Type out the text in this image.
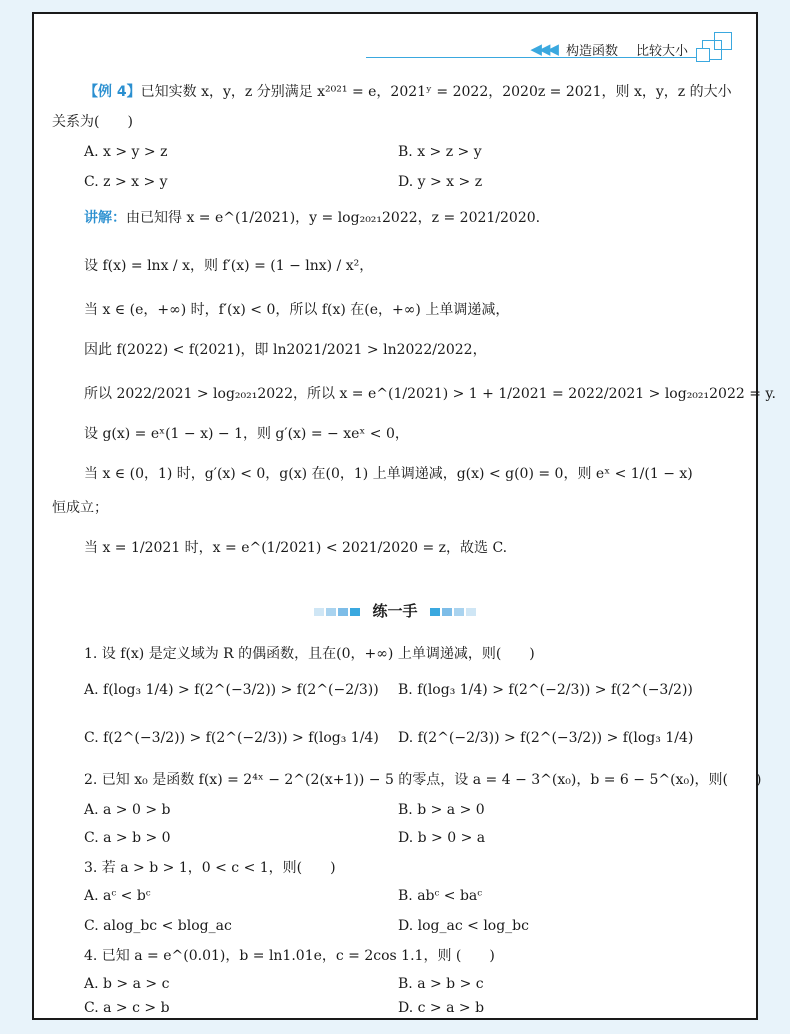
◀◀◀ 构造函数 比较大小
【例 4】已知实数 x，y，z 分别满足 x²⁰²¹ = e，2021ʸ = 2022，2020z = 2021，则 x，y，z 的大小
关系为(　　)
A. x > y > z	B. x > z > y
C. z > x > y	D. y > x > z
讲解：由已知得 x = e^(1/2021)，y = log₂₀₂₁2022，z = 2021/2020.
设 f(x) = lnx / x，则 f′(x) = (1 − lnx) / x²，
当 x ∈ (e，+∞) 时，f′(x) < 0，所以 f(x) 在(e，+∞) 上单调递减，
因此 f(2022) < f(2021)，即 ln2021/2021 > ln2022/2022，
所以 2022/2021 > log₂₀₂₁2022，所以 x = e^(1/2021) > 1 + 1/2021 = 2022/2021 > log₂₀₂₁2022 = y.
设 g(x) = eˣ(1 − x) − 1，则 g′(x) = − xeˣ < 0，
当 x ∈ (0，1) 时，g′(x) < 0，g(x) 在(0，1) 上单调递减，g(x) < g(0) = 0，则 eˣ < 1/(1 − x)
恒成立；
当 x = 1/2021 时，x = e^(1/2021) < 2021/2020 = z，故选 C.
练一手
1. 设 f(x) 是定义域为 R 的偶函数，且在(0，+∞) 上单调递减，则(　　)
A. f(log₃ 1/4) > f(2^(−3/2)) > f(2^(−2/3)) B. f(log₃ 1/4) > f(2^(−2/3)) > f(2^(−3/2))
C. f(2^(−3/2)) > f(2^(−2/3)) > f(log₃ 1/4) D. f(2^(−2/3)) > f(2^(−3/2)) > f(log₃ 1/4)
2. 已知 x₀ 是函数 f(x) = 2⁴ˣ − 2^(2(x+1)) − 5 的零点，设 a = 4 − 3^(x₀)，b = 6 − 5^(x₀)，则(　　)
A. a > 0 > b	B. b > a > 0
C. a > b > 0	D. b > 0 > a
3. 若 a > b > 1，0 < c < 1，则(　　)
A. aᶜ < bᶜ	B. abᶜ < baᶜ
C. alog_bc < blog_ac	D. log_ac < log_bc
4. 已知 a = e^(0.01)，b = ln1.01e，c = 2cos 1.1，则 (　　)
A. b > a > c	B. a > b > c
C. a > c > b	D. c > a > b
